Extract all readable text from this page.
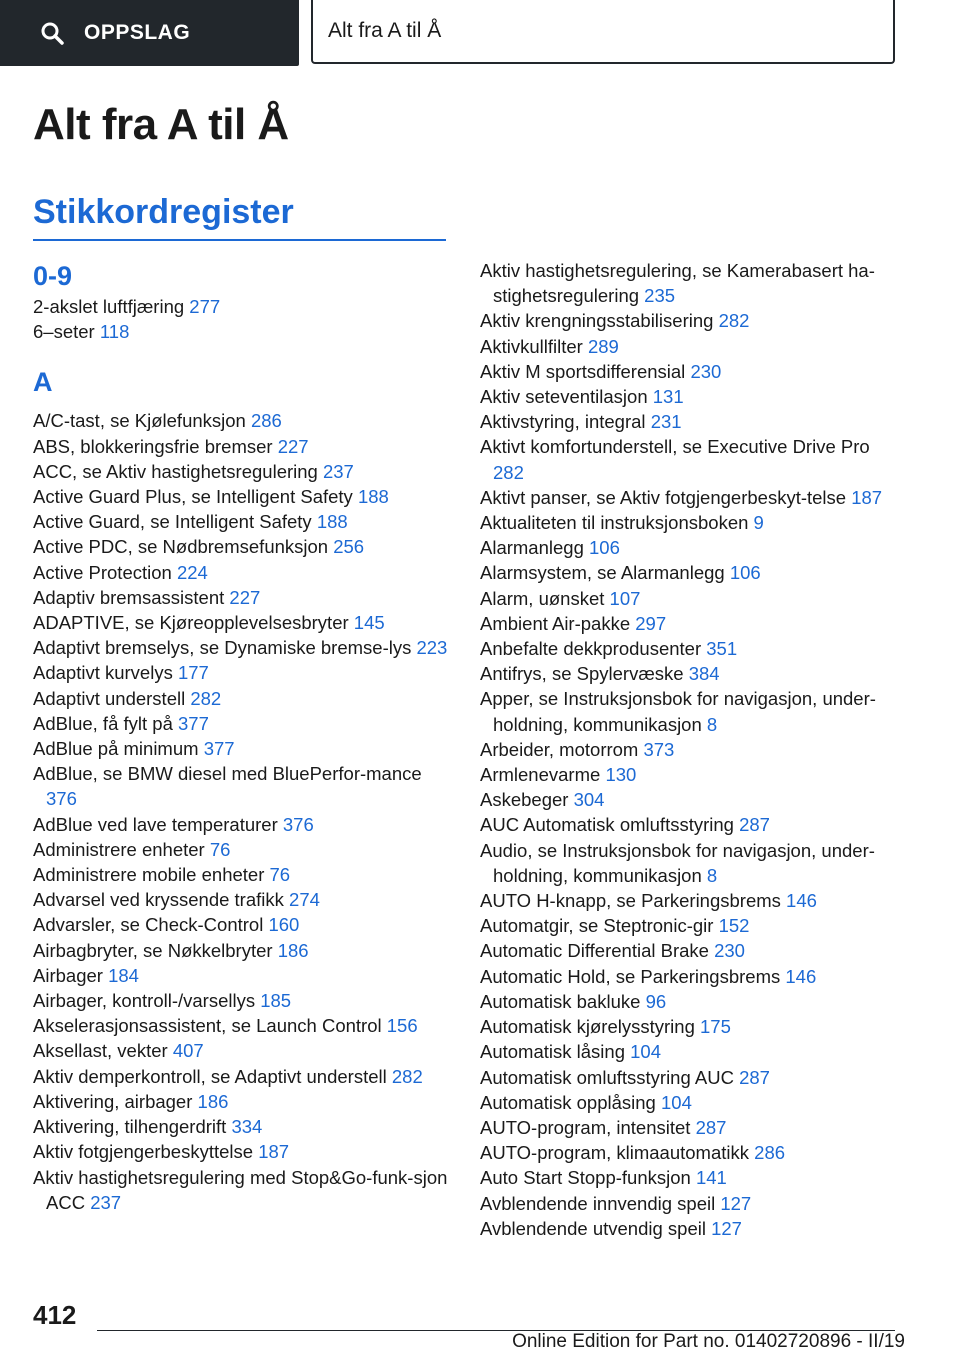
OPPSLAG	Alt fra A til Å
Alt fra A til Å
Stikkordregister
0-9
2-akslet luftfjæring 277
6–seter 118
A
A/C-tast, se Kjølefunksjon 286
ABS, blokkeringsfrie bremser 227
ACC, se Aktiv hastighetsregulering 237
Active Guard Plus, se Intelligent Safety 188
Active Guard, se Intelligent Safety 188
Active PDC, se Nødbremsefunksjon 256
Active Protection 224
Adaptiv bremsassistent 227
ADAPTIVE, se Kjøreopplevelsesbryter 145
Adaptivt bremselys, se Dynamiske bremse‐lys 223
Adaptivt kurvelys 177
Adaptivt understell 282
AdBlue, få fylt på 377
AdBlue på minimum 377
AdBlue, se BMW diesel med BluePerfor‐mance376
AdBlue ved lave temperaturer 376
Administrere enheter 76
Administrere mobile enheter 76
Advarsel ved kryssende trafikk 274
Advarsler, se Check-Control 160
Airbagbryter, se Nøkkelbryter 186
Airbager 184
Airbager, kontroll-/varsellys 185
Akselerasjonsassistent, se Launch Control 156
Aksellast, vekter 407
Aktiv demperkontroll, se Adaptivt understell 282
Aktivering, airbager 186
Aktivering, tilhengerdrift 334
Aktiv fotgjengerbeskyttelse 187
Aktiv hastighetsregulering med Stop&Go-funk‐sjon ACC 237
Aktiv hastighetsregulering, se Kamerabasert ha‐stighetsregulering 235
Aktiv krengningsstabilisering 282
Aktivkullfilter 289
Aktiv M sportsdifferensial 230
Aktiv seteventilasjon 131
Aktivstyring, integral 231
Aktivt komfortunderstell, se Executive Drive Pro282
Aktivt panser, se Aktiv fotgjengerbeskyt‐telse 187
Aktualiteten til instruksjonsboken 9
Alarmanlegg 106
Alarmsystem, se Alarmanlegg 106
Alarm, uønsket 107
Ambient Air-pakke 297
Anbefalte dekkprodusenter 351
Antifrys, se Spylervæske 384
Apper, se Instruksjonsbok for navigasjon, under‐holdning, kommunikasjon 8
Arbeider, motorrom 373
Armlenevarme 130
Askebeger 304
AUC Automatisk omluftsstyring 287
Audio, se Instruksjonsbok for navigasjon, under‐holdning, kommunikasjon 8
AUTO H-knapp, se Parkeringsbrems 146
Automatgir, se Steptronic-gir 152
Automatic Differential Brake 230
Automatic Hold, se Parkeringsbrems 146
Automatisk bakluke 96
Automatisk kjørelysstyring 175
Automatisk låsing 104
Automatisk omluftsstyring AUC 287
Automatisk opplåsing 104
AUTO-program, intensitet 287
AUTO-program, klimaautomatikk 286
Auto Start Stopp-funksjon 141
Avblendende innvendig speil 127
Avblendende utvendig speil 127
412
Online Edition for Part no. 01402720896 - II/19
